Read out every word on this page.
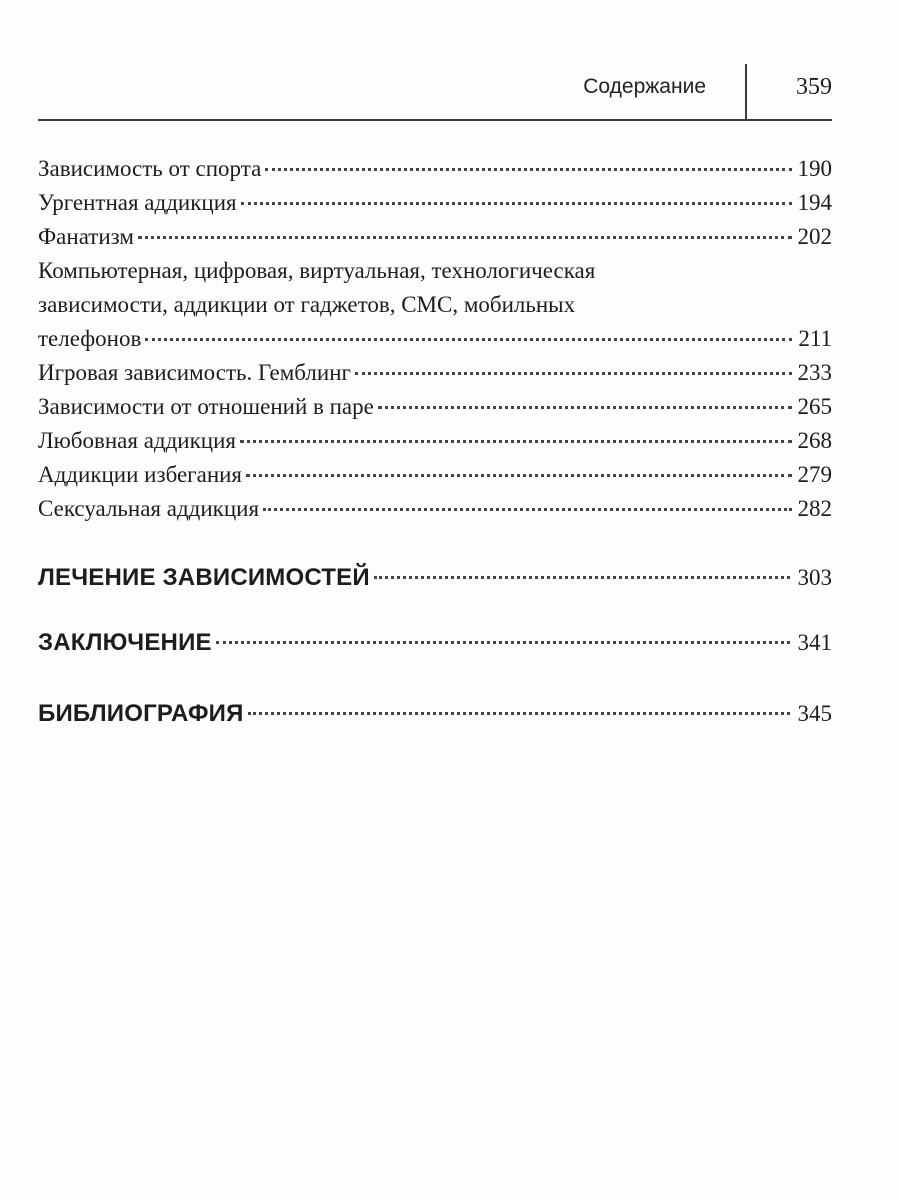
Содержание	359
Зависимость от спорта	190
Ургентная аддикция	194
Фанатизм	202
Компьютерная, цифровая, виртуальная, технологическая
зависимости, аддикции от гаджетов, СМС, мобильных
телефонов	211
Игровая зависимость. Гемблинг	233
Зависимости от отношений в паре	265
Любовная аддикция	268
Аддикции избегания	279
Сексуальная аддикция	282
ЛЕЧЕНИЕ ЗАВИСИМОСТЕЙ	303
ЗАКЛЮЧЕНИЕ	341
БИБЛИОГРАФИЯ	345
